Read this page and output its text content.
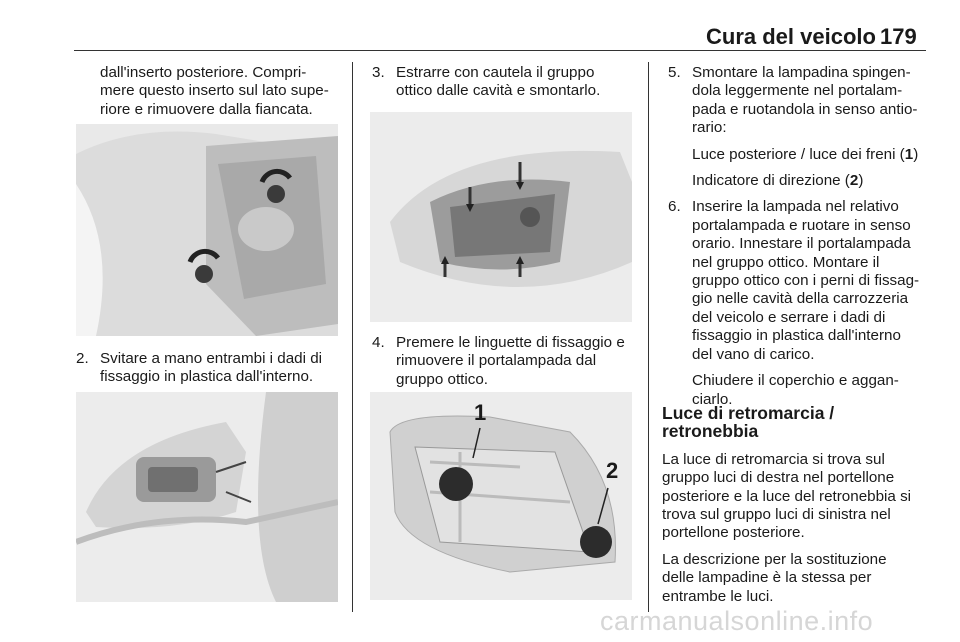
Cura del veicolo 179

dall'inserto posteriore. Compri-

mere questo inserto sul lato supe-

riore e rimuovere dalla fiancata.

2. Svitare a mano entrambi i dadi di

fissaggio in plastica dall'interno.

3. Estrarre con cautela il gruppo

ottico dalle cavità e smontarlo.

4. Premere le linguette di fissaggio e

rimuovere il portalampada dal

gruppo ottico.

1
2
5. Smontare la lampadina spingen-

dola leggermente nel portalam-

pada e ruotandola in senso antio-

rario:

Luce posteriore / luce dei freni (1)

Indicatore di direzione (2)

6. Inserire la lampada nel relativo

portalampada e ruotare in senso

orario. Innestare il portalampada

nel gruppo ottico. Montare il

gruppo ottico con i perni di fissag-

gio nelle cavità della carrozzeria

del veicolo e serrare i dadi di

fissaggio in plastica dall'interno

del vano di carico.

Chiudere il coperchio e aggan-

ciarlo.

Luce di retromarcia / retronebbia

La luce di retromarcia si trova sul

gruppo luci di destra nel portellone

posteriore e la luce del retronebbia si

trova sul gruppo luci di sinistra nel

portellone posteriore.

La descrizione per la sostituzione

delle lampadine è la stessa per

entrambe le luci.

carmanualsonline.info
